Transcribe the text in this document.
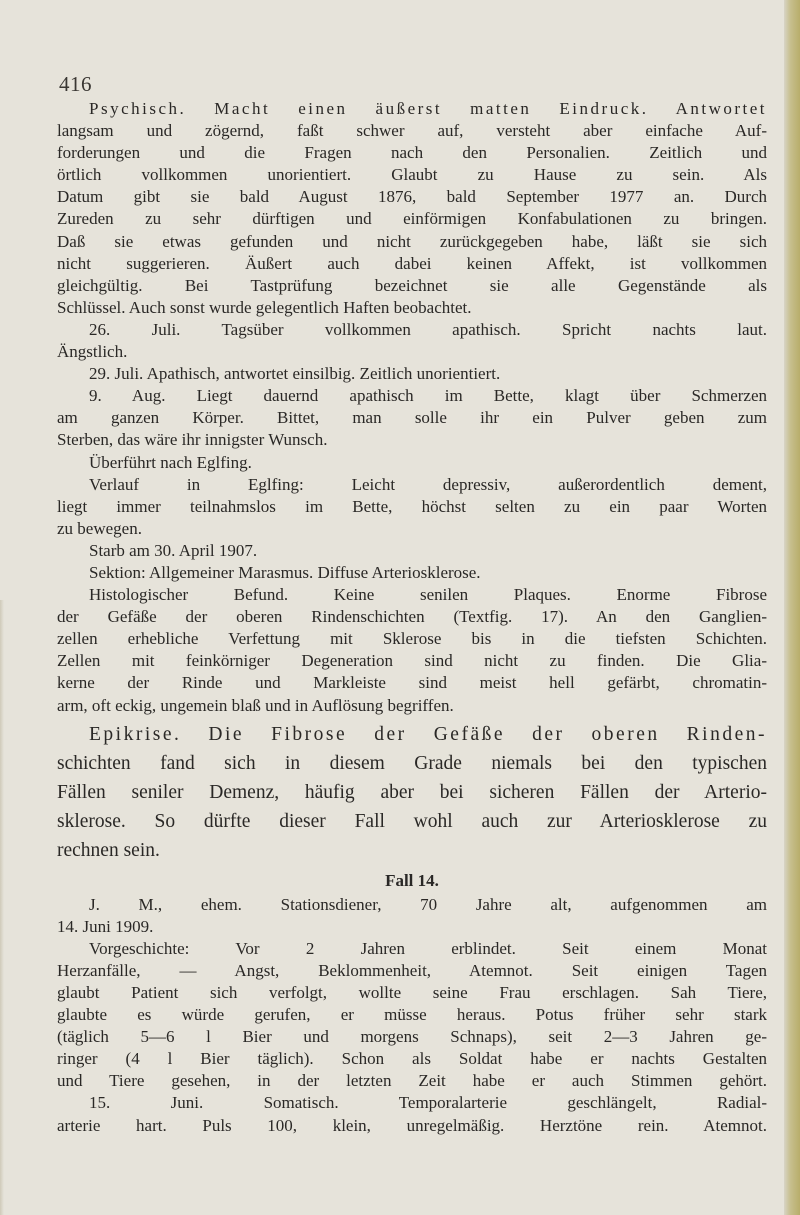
416
Psychisch. Macht einen äußerst matten Eindruck. Antwortet
langsam und zögernd, faßt schwer auf, versteht aber einfache Auf-
forderungen und die Fragen nach den Personalien. Zeitlich und
örtlich vollkommen unorientiert. Glaubt zu Hause zu sein. Als
Datum gibt sie bald August 1876, bald September 1977 an. Durch
Zureden zu sehr dürftigen und einförmigen Konfabulationen zu bringen.
Daß sie etwas gefunden und nicht zurückgegeben habe, läßt sie sich
nicht suggerieren. Äußert auch dabei keinen Affekt, ist vollkommen
gleichgültig. Bei Tastprüfung bezeichnet sie alle Gegenstände als
Schlüssel. Auch sonst wurde gelegentlich Haften beobachtet.
26. Juli. Tagsüber vollkommen apathisch. Spricht nachts laut.
Ängstlich.
29. Juli. Apathisch, antwortet einsilbig. Zeitlich unorientiert.
9. Aug. Liegt dauernd apathisch im Bette, klagt über Schmerzen
am ganzen Körper. Bittet, man solle ihr ein Pulver geben zum
Sterben, das wäre ihr innigster Wunsch.
Überführt nach Eglfing.
Verlauf in Eglfing: Leicht depressiv, außerordentlich dement,
liegt immer teilnahmslos im Bette, höchst selten zu ein paar Worten
zu bewegen.
Starb am 30. April 1907.
Sektion: Allgemeiner Marasmus. Diffuse Arteriosklerose.
Histologischer Befund. Keine senilen Plaques. Enorme Fibrose
der Gefäße der oberen Rindenschichten (Textfig. 17). An den Ganglien-
zellen erhebliche Verfettung mit Sklerose bis in die tiefsten Schichten.
Zellen mit feinkörniger Degeneration sind nicht zu finden. Die Glia-
kerne der Rinde und Markleiste sind meist hell gefärbt, chromatin-
arm, oft eckig, ungemein blaß und in Auflösung begriffen.
Epikrise. Die Fibrose der Gefäße der oberen Rinden-
schichten fand sich in diesem Grade niemals bei den typischen
Fällen seniler Demenz, häufig aber bei sicheren Fällen der Arterio-
sklerose. So dürfte dieser Fall wohl auch zur Arteriosklerose zu
rechnen sein.
Fall 14.
J. M., ehem. Stationsdiener, 70 Jahre alt, aufgenommen am
14. Juni 1909.
Vorgeschichte: Vor 2 Jahren erblindet. Seit einem Monat
Herzanfälle, — Angst, Beklommenheit, Atemnot. Seit einigen Tagen
glaubt Patient sich verfolgt, wollte seine Frau erschlagen. Sah Tiere,
glaubte es würde gerufen, er müsse heraus. Potus früher sehr stark
(täglich 5—6 l Bier und morgens Schnaps), seit 2—3 Jahren ge-
ringer (4 l Bier täglich). Schon als Soldat habe er nachts Gestalten
und Tiere gesehen, in der letzten Zeit habe er auch Stimmen gehört.
15. Juni. Somatisch. Temporalarterie geschlängelt, Radial-
arterie hart. Puls 100, klein, unregelmäßig. Herztöne rein. Atemnot.
